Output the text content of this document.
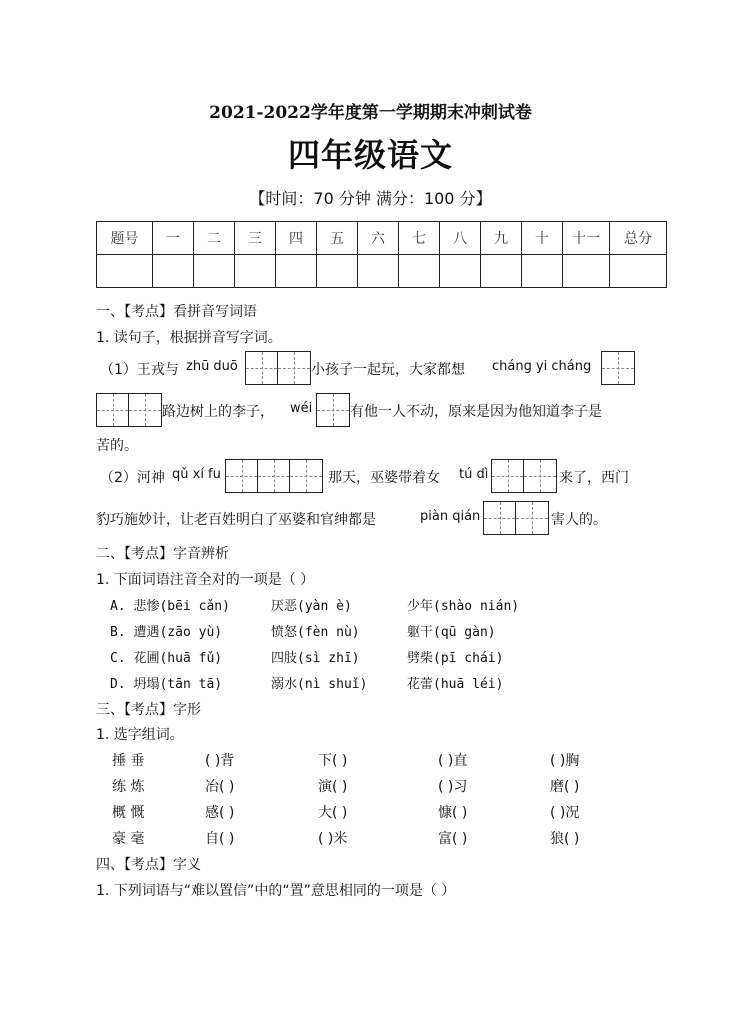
2021-2022学年度第一学期期末冲刺试卷
四年级语文
【时间：70 分钟 满分：100 分】
题号	一	二	三	四	五	六	七	八	九	十	十一	总分

一、【考点】看拼音写词语
1. 读句子，根据拼音写字词。
（1）王戎与 zhū duō	小孩子一起玩，大家都想 cháng yi cháng
路边树上的李子， wéi	有他一人不动，原来是因为他知道李子是
苦的。
（2）河神 qǔ xí fu	那天，巫婆带着女 tú dì	来了，西门
豹巧施妙计，让老百姓明白了巫婆和官绅都是	piàn qián	害人的。
二、【考点】字音辨析
1. 下面词语注音全对的一项是（ ）
A. 悲惨(bēi cǎn)	厌恶(yàn è)	少年(shào nián)
B. 遭遇(zāo yù)	愤怒(fèn nù)	躯干(qū gàn)
C. 花圃(huā fǔ)	四肢(sì zhī)	劈柴(pī chái)
D. 坍塌(tān tā)	溺水(nì shuǐ)	花蕾(huā léi)
三、【考点】字形
1. 选字组词。
捶 垂	( )背	下( )	( )直	( )胸
练 炼	冶( )	演( )	( )习	磨( )
概 慨	感( )	大( )	慷( )	( )况
豪 毫	自( )	( )米	富( )	狼( )
四、【考点】字义
1. 下列词语与“难以置信”中的“置”意思相同的一项是（ ）
